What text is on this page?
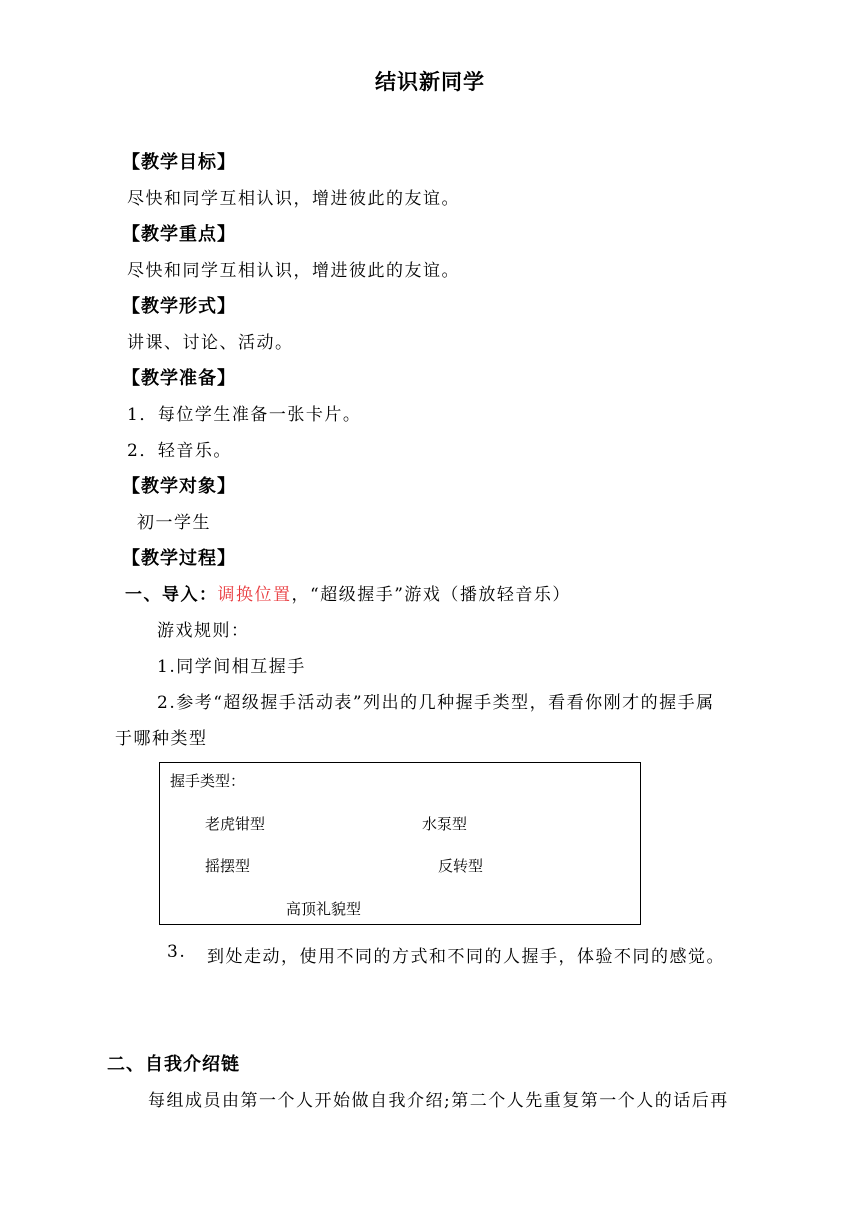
结识新同学
【教学目标】
尽快和同学互相认识，增进彼此的友谊。
【教学重点】
尽快和同学互相认识，增进彼此的友谊。
【教学形式】
讲课、讨论、活动。
【教学准备】
1．每位学生准备一张卡片。
2．轻音乐。
【教学对象】
初一学生
【教学过程】
一、导入：调换位置，“超级握手”游戏（播放轻音乐）
游戏规则：
1.同学间相互握手
2.参考“超级握手活动表”列出的几种握手类型，看看你刚才的握手属
于哪种类型
握手类型：
老虎钳型	水泵型
摇摆型	反转型
高顶礼貌型
3. 到处走动，使用不同的方式和不同的人握手，体验不同的感觉。
二、自我介绍链
每组成员由第一个人开始做自我介绍;第二个人先重复第一个人的话后再
